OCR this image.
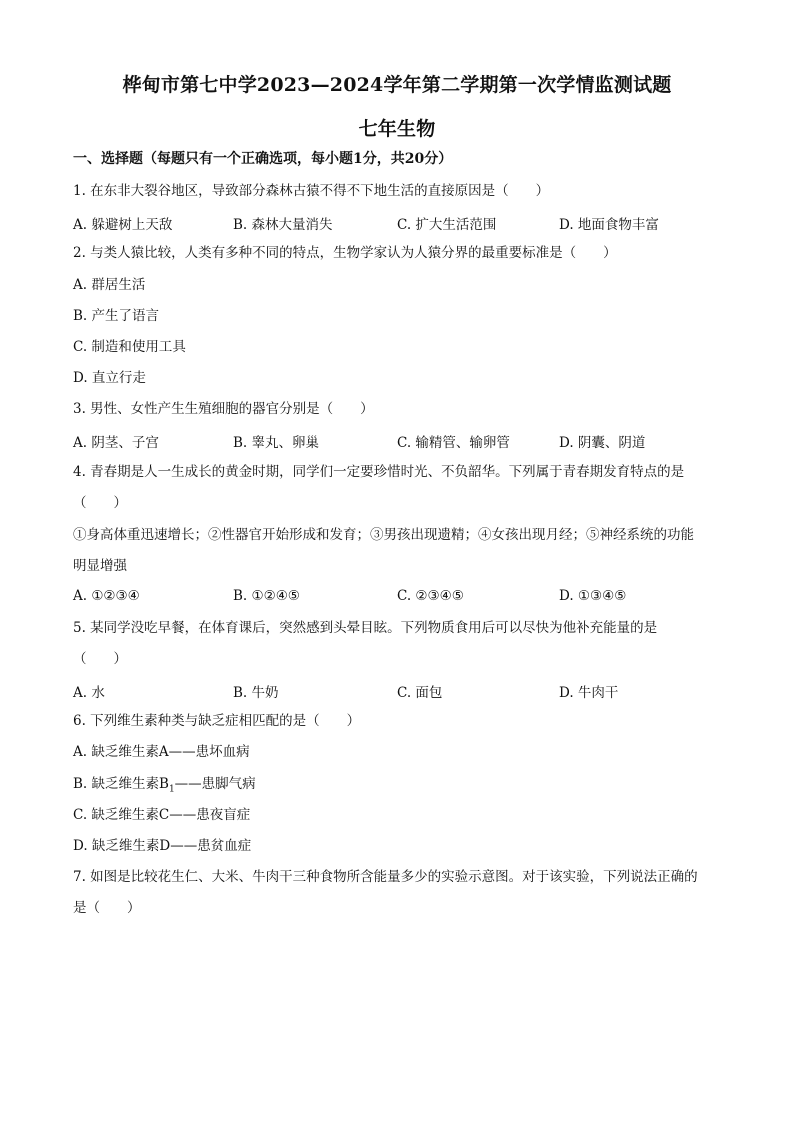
桦甸市第七中学2023—2024学年第二学期第一次学情监测试题
七年生物
一、选择题（每题只有一个正确选项，每小题1分，共20分）
1. 在东非大裂谷地区，导致部分森林古猿不得不下地生活的直接原因是（　　）
A. 躲避树上天敌	B. 森林大量消失	C. 扩大生活范围	D. 地面食物丰富
2. 与类人猿比较，人类有多种不同的特点，生物学家认为人猿分界的最重要标准是（　　）
A. 群居生活
B. 产生了语言
C. 制造和使用工具
D. 直立行走
3. 男性、女性产生生殖细胞的器官分别是（　　）
A. 阴茎、子宫	B. 睾丸、卵巢	C. 输精管、输卵管	D. 阴囊、阴道
4. 青春期是人一生成长的黄金时期，同学们一定要珍惜时光、不负韶华。下列属于青春期发育特点的是
（　　）
①身高体重迅速增长；②性器官开始形成和发育；③男孩出现遗精；④女孩出现月经；⑤神经系统的功能
明显增强
A. ①②③④	B. ①②④⑤	C. ②③④⑤	D. ①③④⑤
5. 某同学没吃早餐，在体育课后，突然感到头晕目眩。下列物质食用后可以尽快为他补充能量的是
（　　）
A. 水	B. 牛奶	C. 面包	D. 牛肉干
6. 下列维生素种类与缺乏症相匹配的是（　　）
A. 缺乏维生素A——患坏血病
B. 缺乏维生素$B_1——$患脚气病
C. 缺乏维生素C——患夜盲症
D. 缺乏维生素D——患贫血症
7. 如图是比较花生仁、大米、牛肉干三种食物所含能量多少的实验示意图。对于该实验，下列说法正确的
是（　　）
